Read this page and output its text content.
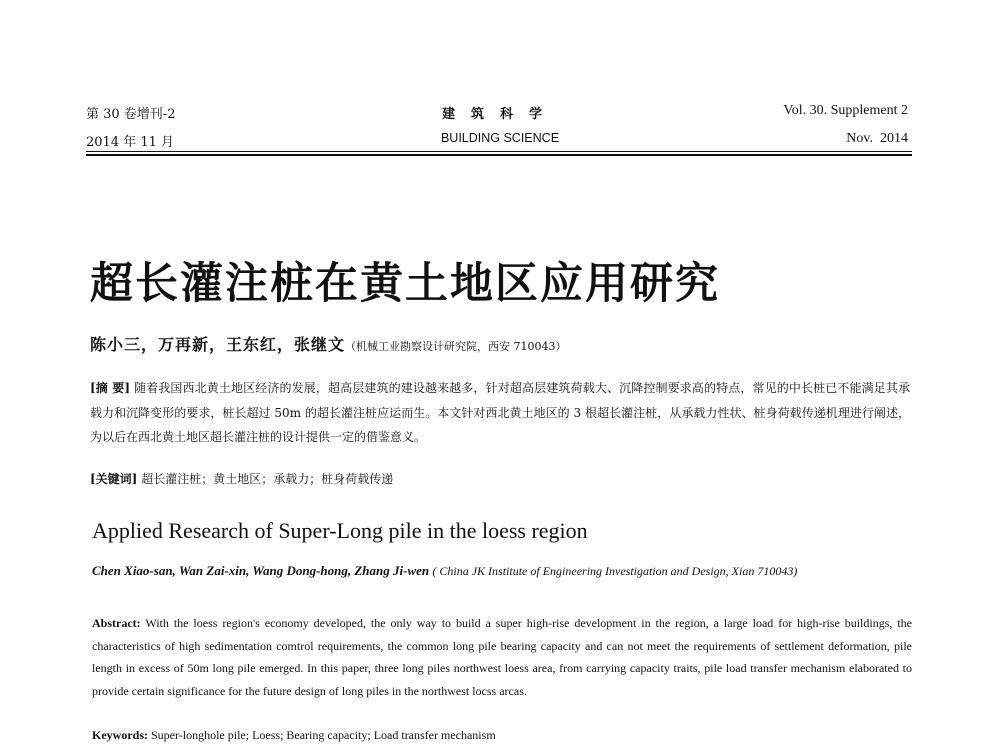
第 30 卷增刊-2
2014 年 11 月
建筑科学
BUILDING SCIENCE
Vol. 30. Supplement 2
Nov.  2014
超长灌注桩在黄土地区应用研究
陈小三，万再新，王东红，张继文（机械工业勘察设计研究院，西安 710043）
[摘 要] 随着我国西北黄土地区经济的发展，超高层建筑的建设越来越多，针对超高层建筑荷载大、沉降控制要求高的特点，常见的中长桩已不能满足其承载力和沉降变形的要求，桩长超过 50m 的超长灌注桩应运而生。本文针对西北黄土地区的 3 根超长灌注桩，从承载力性状、桩身荷载传递机理进行阐述，为以后在西北黄土地区超长灌注桩的设计提供一定的借鉴意义。
[关键词] 超长灌注桩；黄土地区；承载力；桩身荷载传递
Applied Research of Super-Long pile in the loess region
Chen Xiao-san, Wan Zai-xin, Wang Dong-hong, Zhang Ji-wen ( China JK Institute of Engineering Investigation and Design, Xian 710043)
Abstract: With the loess region's economy developed, the only way to build a super high-rise development in the region, a large load for high-rise buildings, the characteristics of high sedimentation comtrol requirements, the common long pile bearing capacity and can not meet the requirements of settlement deformation, pile length in excess of 50m long pile emerged. In this paper, three long piles northwest loess area, from carrying capacity traits, pile load transfer mechanism elaborated to provide certain significance for the future design of long piles in the northwest locss arcas.
Keywords: Super-longhole pile; Loess; Bearing capacity; Load transfer mechanism
